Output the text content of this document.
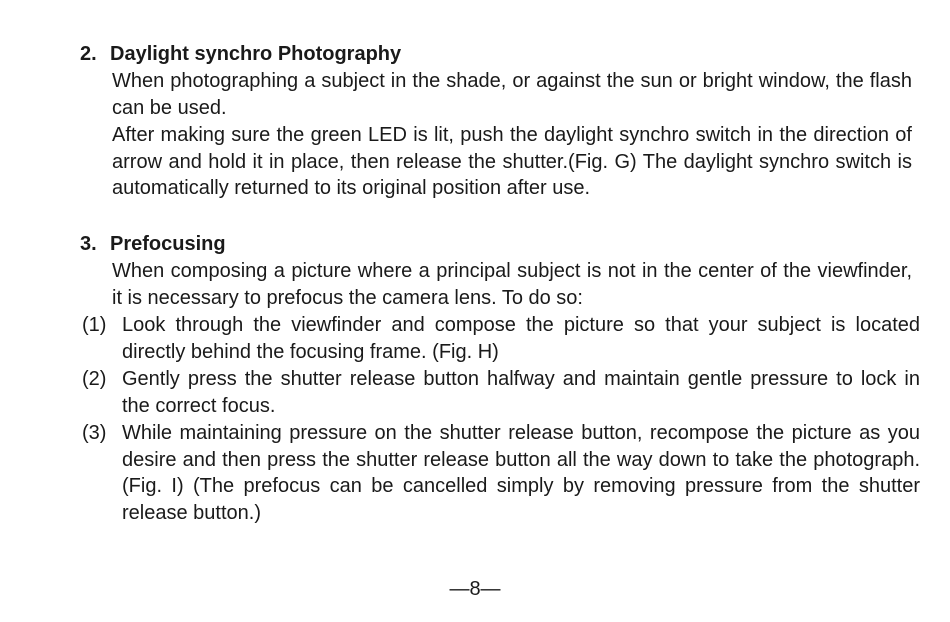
2. Daylight synchro Photography
When photographing a subject in the shade, or against the sun or bright window, the flash can be used.
After making sure the green LED is lit, push the daylight synchro switch in the direction of arrow and hold it in place, then release the shutter.(Fig. G) The daylight synchro switch is automatically returned to its original position after use.
3. Prefocusing
When composing a picture where a principal subject is not in the center of the viewfinder, it is necessary to prefocus the camera lens. To do so:
(1) Look through the viewfinder and compose the picture so that your subject is located directly behind the focusing frame. (Fig. H)
(2) Gently press the shutter release button halfway and maintain gentle pressure to lock in the correct focus.
(3) While maintaining pressure on the shutter release button, recompose the picture as you desire and then press the shutter release button all the way down to take the photograph. (Fig. I) (The prefocus can be cancelled simply by removing pressure from the shutter release button.)
—8—
